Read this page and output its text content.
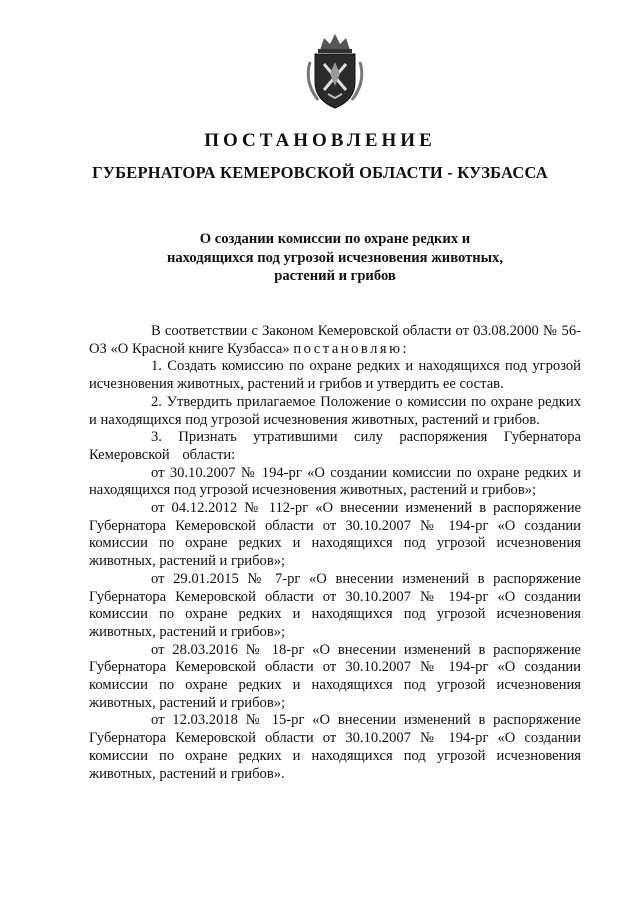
ПОСТАНОВЛЕНИЕ
ГУБЕРНАТОРА КЕМЕРОВСКОЙ ОБЛАСТИ - КУЗБАССА
О создании комиссии по охране редких и
находящихся под угрозой исчезновения животных,
растений и грибов

В соответствии с Законом Кемеровской области от 03.08.2000 № 56-ОЗ «О Красной книге Кузбасса» постановляю:

1. Создать комиссию по охране редких и находящихся под угрозой исчезновения животных, растений и грибов и утвердить ее состав.

2. Утвердить прилагаемое Положение о комиссии по охране редких и находящихся под угрозой исчезновения животных, растений и грибов.

3. Признать утратившими силу распоряжения Губернатора Кемеровской области:

от 30.10.2007 № 194-рг «О создании комиссии по охране редких и находящихся под угрозой исчезновения животных, растений и грибов»;

от 04.12.2012 № 112-рг «О внесении изменений в распоряжение Губернатора Кемеровской области от 30.10.2007 № 194-рг «О создании комиссии по охране редких и находящихся под угрозой исчезновения животных, растений и грибов»;

от 29.01.2015 № 7-рг «О внесении изменений в распоряжение Губернатора Кемеровской области от 30.10.2007 № 194-рг «О создании комиссии по охране редких и находящихся под угрозой исчезновения животных, растений и грибов»;

от 28.03.2016 № 18-рг «О внесении изменений в распоряжение Губернатора Кемеровской области от 30.10.2007 № 194-рг «О создании комиссии по охране редких и находящихся под угрозой исчезновения животных, растений и грибов»;

от 12.03.2018 № 15-рг «О внесении изменений в распоряжение Губернатора Кемеровской области от 30.10.2007 № 194-рг «О создании комиссии по охране редких и находящихся под угрозой исчезновения животных, растений и грибов».
